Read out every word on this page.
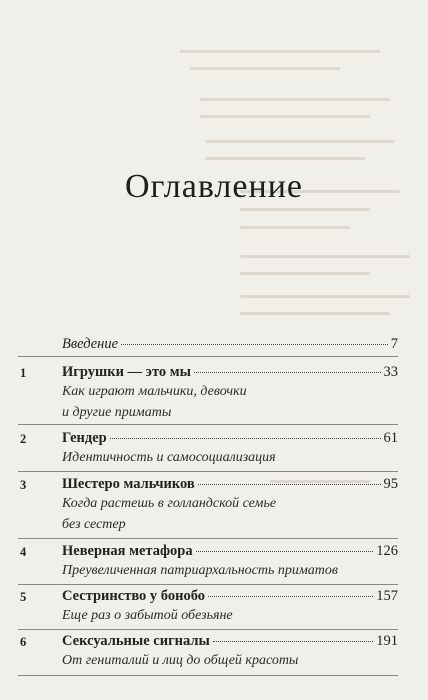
Оглавление
Введение	7
1 Игрушки — это мы	33
Как играют мальчики, девочки
и другие приматы
2 Гендер	61
Идентичность и самосоциализация
3 Шестеро мальчиков	95
Когда растешь в голландской семье
без сестер
4 Неверная метафора	126
Преувеличенная патриархальность приматов
5 Сестринство у бонобо	157
Еще раз о забытой обезьяне
6 Сексуальные сигналы	191
От гениталий и лиц до общей красоты
